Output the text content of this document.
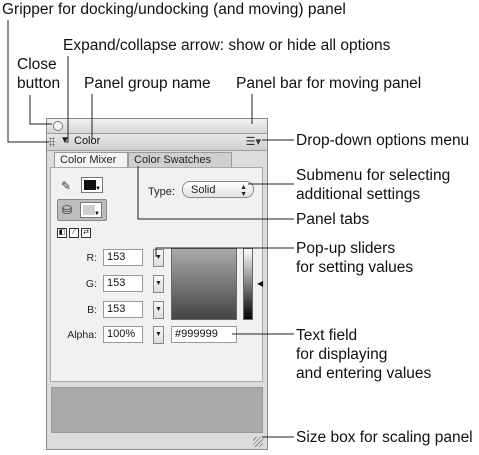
Gripper for docking/undocking (and moving) panel
Expand/collapse arrow: show or hide all options
Close
button Panel group name Panel bar for moving panel
Drop-down options menu
Submenu for selecting
additional settings
Panel tabs
Pop-up sliders
for setting values
Text field
for displaying
and entering values
Size box for scaling panel
▼ Color	☰▾
Color Mixer	Color Swatches
✎	▼
⛁	▼
◧	⁄	⇄
Type:	Solid	▲
▼
R: 153	▼
G: 153	▼
B: 153	▼
◀
Alpha: 100%	▼	#999999
